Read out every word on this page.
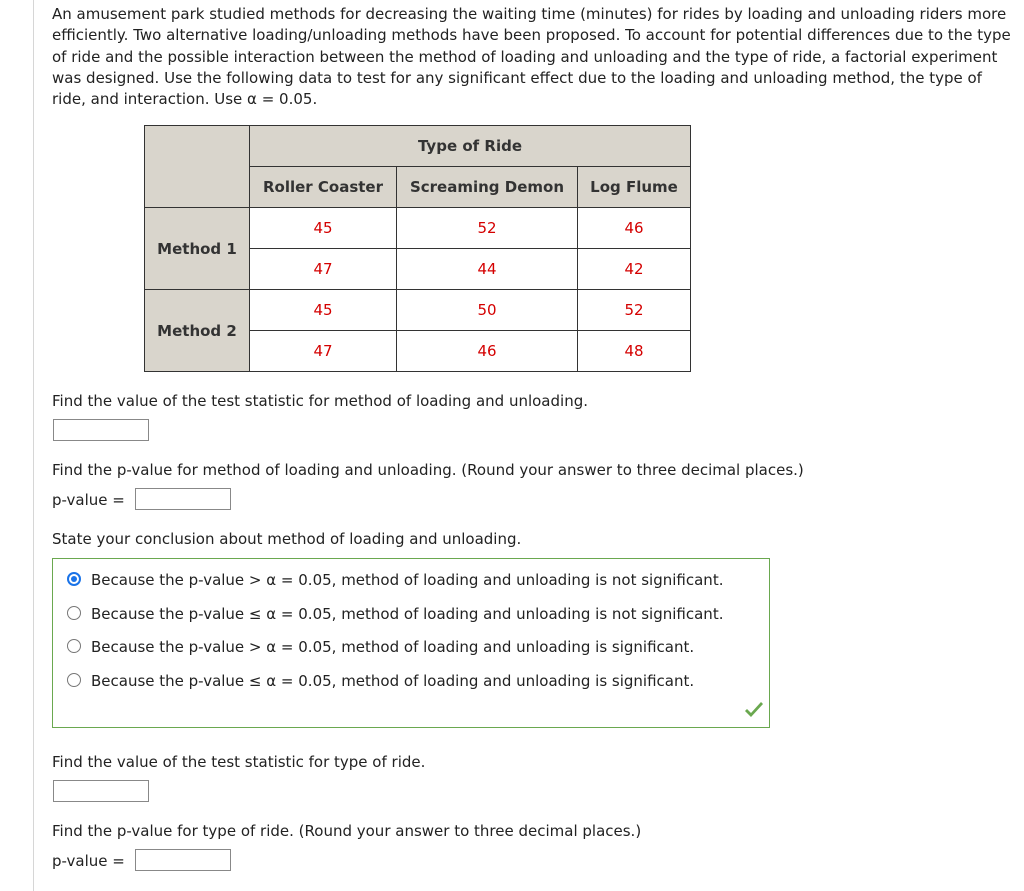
An amusement park studied methods for decreasing the waiting time (minutes) for rides by loading and unloading riders more efficiently. Two alternative loading/unloading methods have been proposed. To account for potential differences due to the type of ride and the possible interaction between the method of loading and unloading and the type of ride, a factorial experiment was designed. Use the following data to test for any significant effect due to the loading and unloading method, the type of ride, and interaction. Use α = 0.05.
	Type of Ride		
	Roller Coaster	Screaming Demon	Log Flume
Method 1	45	52	46
	47	44	42
Method 2	45	50	52
	47	46	48
Find the value of the test statistic for method of loading and unloading.
Find the p-value for method of loading and unloading. (Round your answer to three decimal places.)
p-value =
State your conclusion about method of loading and unloading.
Because the p-value > α = 0.05, method of loading and unloading is not significant.
Because the p-value ≤ α = 0.05, method of loading and unloading is not significant.
Because the p-value > α = 0.05, method of loading and unloading is significant.
Because the p-value ≤ α = 0.05, method of loading and unloading is significant.
Find the value of the test statistic for type of ride.
Find the p-value for type of ride. (Round your answer to three decimal places.)
p-value =
